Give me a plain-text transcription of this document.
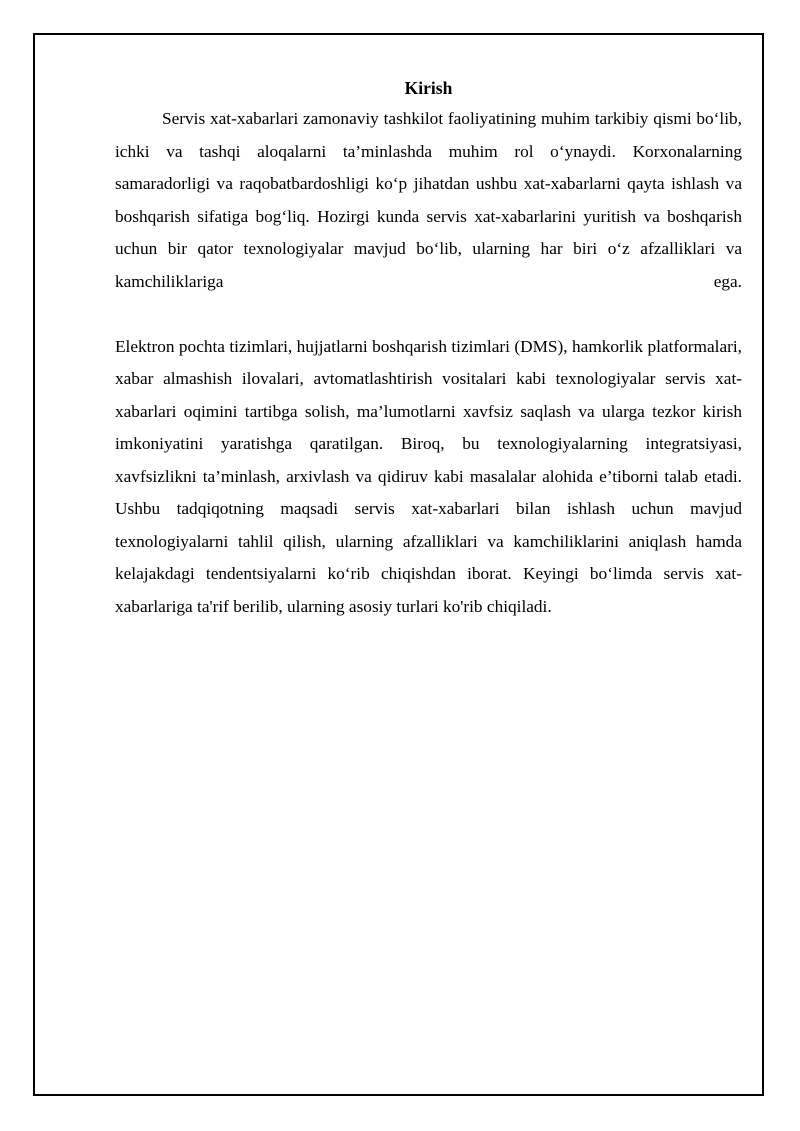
Kirish

Servis xat-xabarlari zamonaviy tashkilot faoliyatining muhim tarkibiy qismi bo‘lib, ichki va tashqi aloqalarni ta’minlashda muhim rol o‘ynaydi. Korxonalarning samaradorligi va raqobatbardoshligi ko‘p jihatdan ushbu xat-xabarlarni qayta ishlash va boshqarish sifatiga bog‘liq. Hozirgi kunda servis xat-xabarlarini yuritish va boshqarish uchun bir qator texnologiyalar mavjud bo‘lib, ularning har biri o‘z afzalliklari va kamchiliklariga ega.

Elektron pochta tizimlari, hujjatlarni boshqarish tizimlari (DMS), hamkorlik platformalari, xabar almashish ilovalari, avtomatlashtirish vositalari kabi texnologiyalar servis xat-xabarlari oqimini tartibga solish, ma’lumotlarni xavfsiz saqlash va ularga tezkor kirish imkoniyatini yaratishga qaratilgan. Biroq, bu texnologiyalarning integratsiyasi, xavfsizlikni ta’minlash, arxivlash va qidiruv kabi masalalar alohida e’tiborni talab etadi. Ushbu tadqiqotning maqsadi servis xat-xabarlari bilan ishlash uchun mavjud texnologiyalarni tahlil qilish, ularning afzalliklari va kamchiliklarini aniqlash hamda kelajakdagi tendentsiyalarni ko‘rib chiqishdan iborat. Keyingi bo‘limda servis xat-xabarlariga ta'rif berilib, ularning asosiy turlari ko'rib chiqiladi.
